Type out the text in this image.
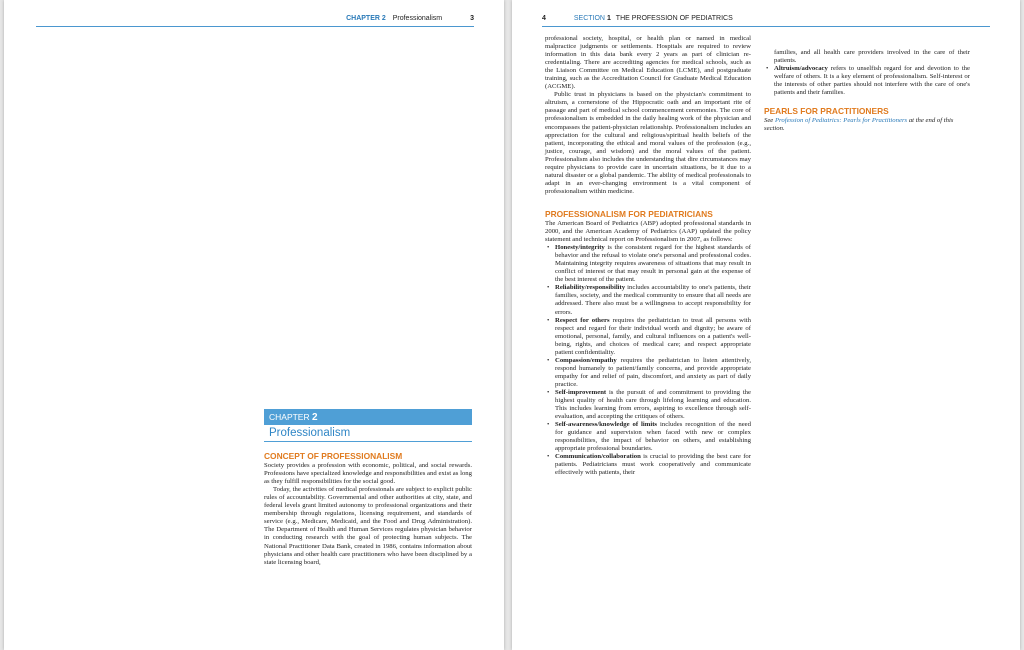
CHAPTER 2 Professionalism	3
CHAPTER 2
Professionalism
CONCEPT OF PROFESSIONALISM

Society provides a profession with economic, political, and social rewards. Professions have specialized knowledge and responsibilities and exist as long as they fulfill responsibilities for the social good.

Today, the activities of medical professionals are subject to explicit public rules of accountability. Governmental and other authorities at city, state, and federal levels grant limited autonomy to professional organizations and their membership through regulations, licensing requirement, and standards of service (e.g., Medicare, Medicaid, and the Food and Drug Administration). The Department of Health and Human Services regulates physician behavior in conducting research with the goal of protecting human subjects. The National Practitioner Data Bank, created in 1986, contains information about physicians and other health care practitioners who have been disciplined by a state licensing board,

4	SECTION 1 THE PROFESSION OF PEDIATRICS

professional society, hospital, or health plan or named in medical malpractice judgments or settlements. Hospitals are required to review information in this data bank every 2 years as part of clinician re-credentialing. There are accrediting agencies for medical schools, such as the Liaison Committee on Medical Education (LCME), and postgraduate training, such as the Accreditation Council for Graduate Medical Education (ACGME).

Public trust in physicians is based on the physician's commitment to altruism, a cornerstone of the Hippocratic oath and an important rite of passage and part of medical school commencement ceremonies. The core of professionalism is embedded in the daily healing work of the physician and encompasses the patient-physician relationship. Professionalism includes an appreciation for the cultural and religious/spiritual health beliefs of the patient, incorporating the ethical and moral values of the profession (e.g., justice, courage, and wisdom) and the moral values of the patient. Professionalism also includes the understanding that dire circumstances may require physicians to provide care in uncertain situations, be it due to a natural disaster or a global pandemic. The ability of medical professionals to adapt in an ever-changing environment is a vital component of professionalism within medicine.

PROFESSIONALISM FOR PEDIATRICIANS

The American Board of Pediatrics (ABP) adopted professional standards in 2000, and the American Academy of Pediatrics (AAP) updated the policy statement and technical report on Professionalism in 2007, as follows:

• Honesty/integrity is the consistent regard for the highest standards of behavior and the refusal to violate one's personal and professional codes. Maintaining integrity requires awareness of situations that may result in conflict of interest or that may result in personal gain at the expense of the best interest of the patient.
• Reliability/responsibility includes accountability to one's patients, their families, society, and the medical community to ensure that all needs are addressed. There also must be a willingness to accept responsibility for errors.
• Respect for others requires the pediatrician to treat all persons with respect and regard for their individual worth and dignity; be aware of emotional, personal, family, and cultural influences on a patient's well-being, rights, and choices of medical care; and respect appropriate patient confidentiality.
• Compassion/empathy requires the pediatrician to listen attentively, respond humanely to patient/family concerns, and provide appropriate empathy for and relief of pain, discomfort, and anxiety as part of daily practice.
• Self-improvement is the pursuit of and commitment to providing the highest quality of health care through lifelong learning and education. This includes learning from errors, aspiring to excellence through self-evaluation, and accepting the critiques of others.
• Self-awareness/knowledge of limits includes recognition of the need for guidance and supervision when faced with new or complex responsibilities, the impact of behavior on others, and establishing appropriate professional boundaries.
• Communication/collaboration is crucial to providing the best care for patients. Pediatricians must work cooperatively and communicate effectively with patients, their

families, and all health care providers involved in the care of their patients.

• Altruism/advocacy refers to unselfish regard for and devotion to the welfare of others. It is a key element of professionalism. Self-interest or the interests of other parties should not interfere with the care of one's patients and their families.
PEARLS FOR PRACTITIONERS

See Profession of Pediatrics: Pearls for Practitioners at the end of this section.
